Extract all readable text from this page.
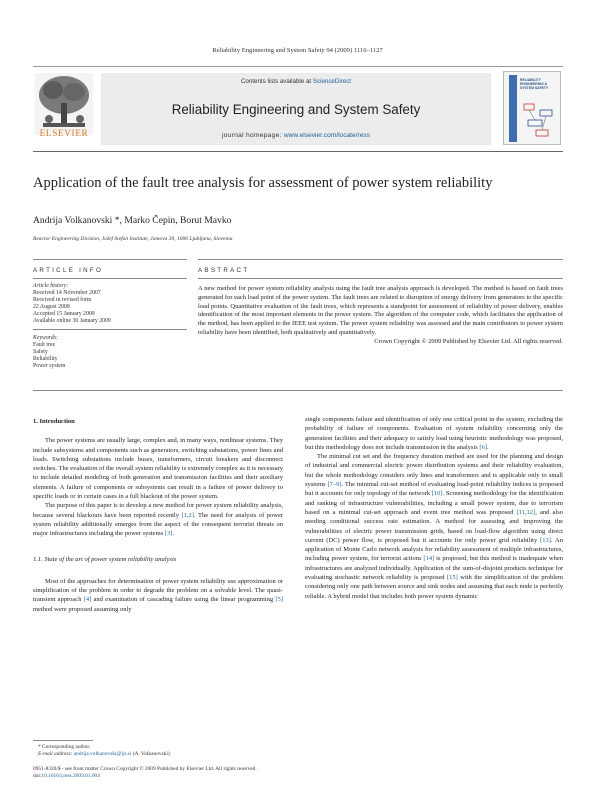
Reliability Engineering and System Safety 94 (2009) 1116–1127
ELSEVIER
Contents lists available at ScienceDirect
Reliability Engineering and System Safety
journal homepage: www.elsevier.com/locate/ress
RELIABILITY ENGINEERING & SYSTEM SAFETY
Application of the fault tree analysis for assessment of power system reliability
Andrija Volkanovski *, Marko Čepin, Borut Mavko
Reactor Engineering Division, Jožef Stefan Institute, Jamova 39, 1000 Ljubljana, Slovenia
ARTICLE INFO	ABSTRACT
Article history:
Received 14 November 2007
Received in revised form
22 August 2008
Accepted 15 January 2009
Available online 30 January 2009
Keywords:
Fault tree
Safety
Reliability
Power system
A new method for power system reliability analysis using the fault tree analysis approach is developed. The method is based on fault trees generated for each load point of the power system. The fault trees are related to disruption of energy delivery from generators to the specific load points. Quantitative evaluation of the fault trees, which represents a standpoint for assessment of reliability of power delivery, enables identification of the most important elements in the power system. The algorithm of the computer code, which facilitates the application of the method, has been applied to the IEEE test system. The power system reliability was assessed and the main contributors to power system reliability have been identified, both qualitatively and quantitatively.
Crown Copyright © 2009 Published by Elsevier Ltd. All rights reserved.
1. Introduction

The power systems are usually large, complex and, in many ways, nonlinear systems. They include subsystems and components such as generators, switching substations, power lines and loads. Switching substations include buses, transformers, circuit breakers and disconnect switches. The evaluation of the overall system reliability is extremely complex as it is necessary to include detailed modeling of both generation and transmission facilities and their auxiliary elements. A failure of components or subsystems can result in a failure of power delivery to specific loads or in certain cases in a full blackout of the power system.

The purpose of this paper is to develop a new method for power system reliability analysis, because several blackouts have been reported recently [1,2]. The need for analysis of power system reliability additionally emerges from the aspect of the consequent terrorist threats on major infrastructures including the power systems [3].

1.1. State of the art of power system reliability analysis

Most of the approaches for determination of power system reliability use approximation or simplification of the problem in order to degrade the problem on a solvable level. The quasi-transient approach [4] and examination of cascading failure using the linear programming [5] method were proposed assuming only

single components failure and identification of only one critical point in the system, excluding the probability of failure of components. Evaluation of system reliability concerning only the generation facilities and their adequacy to satisfy load using heuristic methodology was proposed, but this methodology does not include transmission in the analysis [6].

The minimal cut set and the frequency duration method are used for the planning and design of industrial and commercial electric power distribution systems and their reliability evaluation, but the whole methodology considers only lines and transformers and is applicable only to small systems [7–9]. The minimal cut-set method of evaluating load-point reliability indices is proposed but it accounts for only topology of the network [10]. Screening methodology for the identification and ranking of infrastructure vulnerabilities, including a small power system, due to terrorism based on a minimal cut-set approach and event tree method was proposed [11,12], and also needing conditional success rate estimation. A method for assessing and improving the vulnerabilities of electric power transmission grids, based on load-flow algorithm using direct current (DC) power flow, is proposed but it accounts for only power grid reliability [13]. An application of Monte Carlo network analysis for reliability assessment of multiple infrastructures, including power system, for terrorist actions [14] is proposed, but this method is inadequate when infrastructures are analyzed individually. Application of the sum-of-disjoint products technique for evaluating stochastic network reliability is proposed [15] with the simplification of the problem considering only one path between source and sink nodes and assuming that each node is perfectly reliable. A hybrid model that includes both power system dynamic

* Corresponding author.
E-mail address: andrija.volkanovski@ijs.si (A. Volkanovski).
0951-8320/$ - see front matter Crown Copyright © 2009 Published by Elsevier Ltd. All rights reserved.
doi:10.1016/j.ress.2009.01.004
